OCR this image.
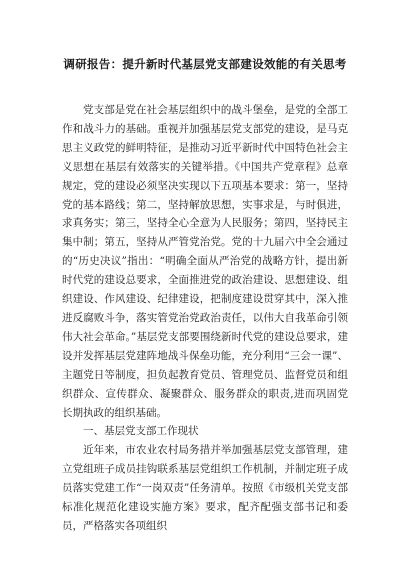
调研报告：提升新时代基层党支部建设效能的有关思考

党支部是党在社会基层组织中的战斗堡垒，是党的全部工作和战斗力的基础。重视并加强基层党支部党的建设，是马克思主义政党的鲜明特征，是推动习近平新时代中国特色社会主义思想在基层有效落实的关键举措。《中国共产党章程》总章规定，党的建设必须坚决实现以下五项基本要求：第一，坚持党的基本路线；第二，坚持解放思想，实事求是，与时俱进，求真务实；第三，坚持全心全意为人民服务；第四，坚持民主集中制；第五，坚持从严管党治党。党的十九届六中全会通过的“历史决议”指出：“明确全面从严治党的战略方针，提出新时代党的建设总要求，全面推进党的政治建设、思想建设、组织建设、作风建设、纪律建设，把制度建设贯穿其中，深入推进反腐败斗争，落实管党治党政治责任，以伟大自我革命引领伟大社会革命。”基层党支部要围绕新时代党的建设总要求，建设并发挥基层党建阵地战斗保垒功能，充分利用“三会一课”、主题党日等制度，担负起教育党员、管理党员、监督党员和组织群众、宣传群众、凝聚群众、服务群众的职责,进而巩固党长期执政的组织基础。

一、基层党支部工作现状

近年来，市农业农村局务措并举加强基层党支部管理，建立党组班子成员挂钩联系基层党组织工作机制，并制定班子成员落实党建工作“一岗双责”任务清单。按照《市级机关党支部标准化规范化建设实施方案》要求，配齐配强支部书记和委员，严格落实各项组织
